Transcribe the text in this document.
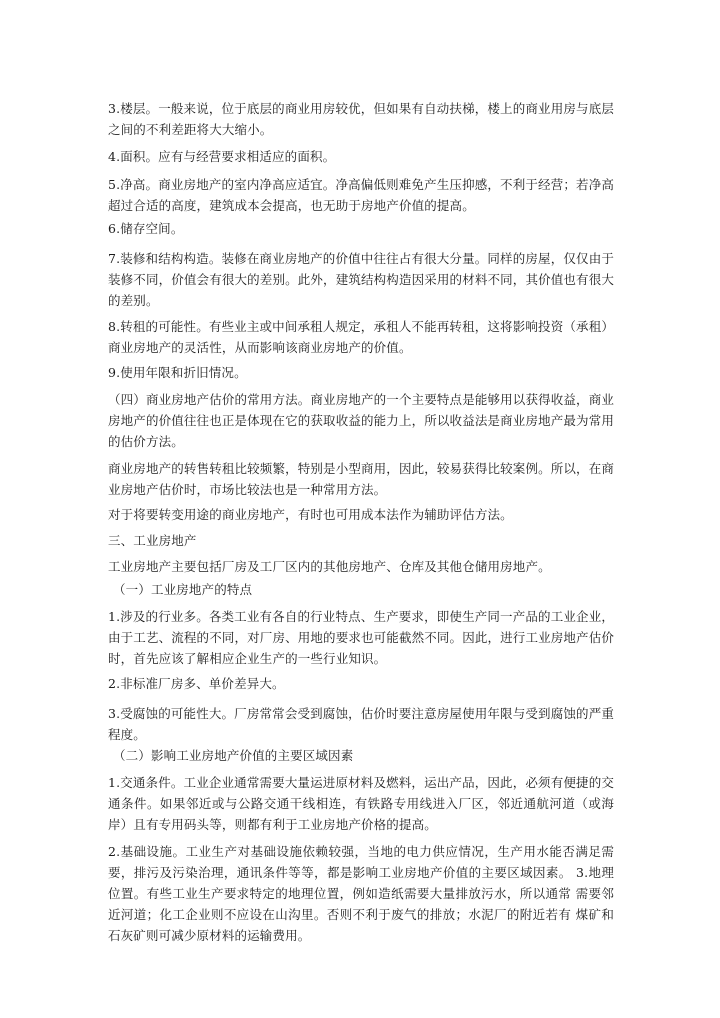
3.楼层。一般来说，位于底层的商业用房较优，但如果有自动扶梯，楼上的商业用房与底层之间的不利差距将大大缩小。

4.面积。应有与经营要求相适应的面积。

5.净高。商业房地产的室内净高应适宜。净高偏低则难免产生压抑感，不利于经营；若净高超过合适的高度，建筑成本会提高，也无助于房地产价值的提高。

6.储存空间。

7.装修和结构构造。装修在商业房地产的价值中往往占有很大分量。同样的房屋，仅仅由于装修不同，价值会有很大的差别。此外，建筑结构构造因采用的材料不同，其价值也有很大的差别。

8.转租的可能性。有些业主或中间承租人规定，承租人不能再转租，这将影响投资（承租）商业房地产的灵活性，从而影响该商业房地产的价值。

9.使用年限和折旧情况。

（四）商业房地产估价的常用方法。商业房地产的一个主要特点是能够用以获得收益，商业房地产的价值往往也正是体现在它的获取收益的能力上，所以收益法是商业房地产最为常用的估价方法。

商业房地产的转售转租比较频繁，特别是小型商用，因此，较易获得比较案例。所以，在商业房地产估价时，市场比较法也是一种常用方法。

对于将要转变用途的商业房地产，有时也可用成本法作为辅助评估方法。

三、工业房地产

工业房地产主要包括厂房及工厂区内的其他房地产、仓库及其他仓储用房地产。

（一）工业房地产的特点

1.涉及的行业多。各类工业有各自的行业特点、生产要求，即使生产同一产品的工业企业，由于工艺、流程的不同，对厂房、用地的要求也可能截然不同。因此，进行工业房地产估价时，首先应该了解相应企业生产的一些行业知识。

2.非标准厂房多、单价差异大。

3.受腐蚀的可能性大。厂房常常会受到腐蚀，估价时要注意房屋使用年限与受到腐蚀的严重程度。

（二）影响工业房地产价值的主要区域因素

1.交通条件。工业企业通常需要大量运进原材料及燃料，运出产品，因此，必须有便捷的交通条件。如果邻近或与公路交通干线相连，有铁路专用线进入厂区，邻近通航河道（或海岸）且有专用码头等，则都有利于工业房地产价格的提高。

2.基础设施。工业生产对基础设施依赖较强，当地的电力供应情况，生产用水能否满足需要，排污及污染治理，通讯条件等等，都是影响工业房地产价值的主要区域因素。 3.地理位置。有些工业生产要求特定的地理位置，例如造纸需要大量排放污水，所以通常 需要邻近河道；化工企业则不应设在山沟里。否则不利于废气的排放；水泥厂的附近若有 煤矿和石灰矿则可减少原材料的运输费用。
